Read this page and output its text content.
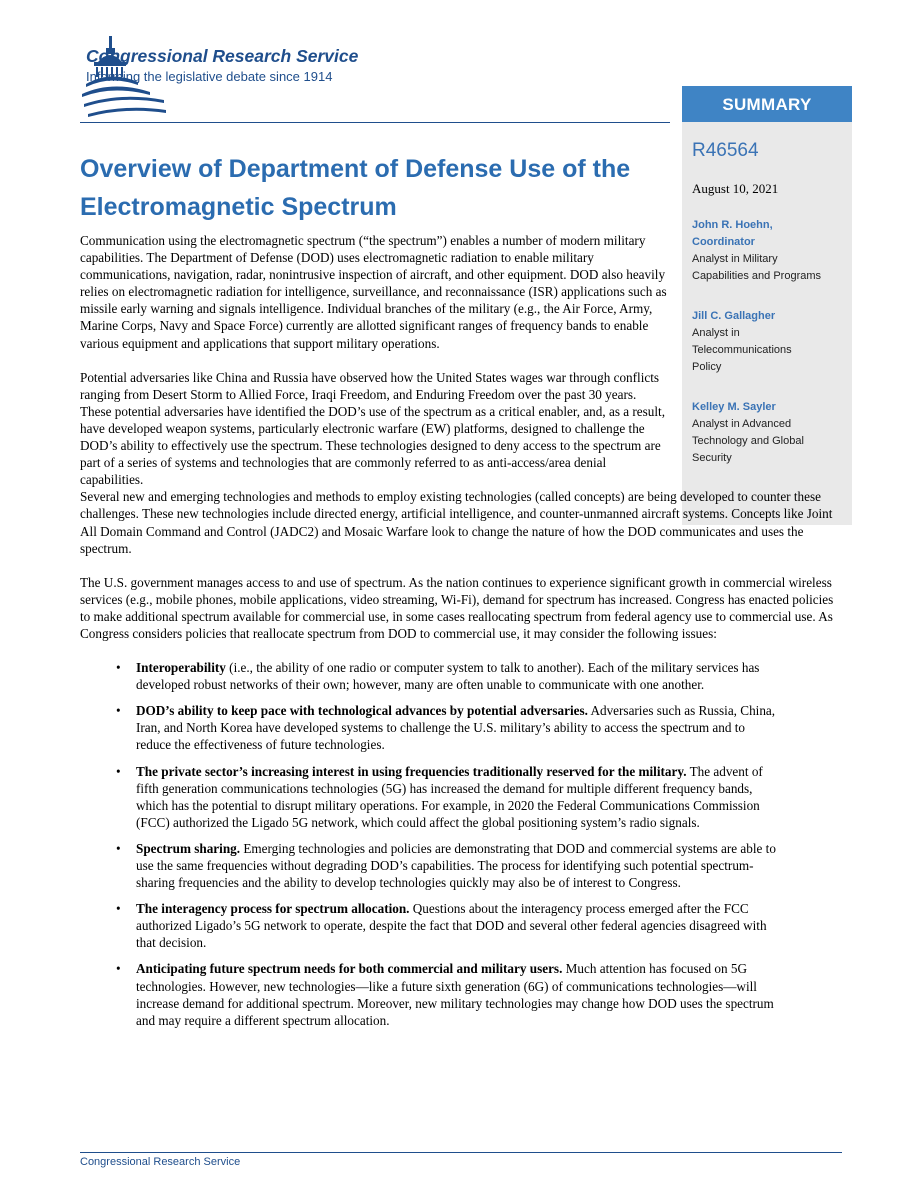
Congressional Research Service
Informing the legislative debate since 1914
SUMMARY
R46564
August 10, 2021
John R. Hoehn,
Coordinator
Analyst in Military
Capabilities and Programs
Jill C. Gallagher
Analyst in
Telecommunications
Policy
Kelley M. Sayler
Analyst in Advanced
Technology and Global
Security
Overview of Department of Defense Use of the
Electromagnetic Spectrum

Communication using the electromagnetic spectrum (“the spectrum”) enables a number of modern military capabilities. The Department of Defense (DOD) uses electromagnetic radiation to enable military communications, navigation, radar, nonintrusive inspection of aircraft, and other equipment. DOD also heavily relies on electromagnetic radiation for intelligence, surveillance, and reconnaissance (ISR) applications such as missile early warning and signals intelligence. Individual branches of the military (e.g., the Air Force, Army, Marine Corps, Navy and Space Force) currently are allotted significant ranges of frequency bands to enable various equipment and applications that support military operations.

Potential adversaries like China and Russia have observed how the United States wages war through conflicts ranging from Desert Storm to Allied Force, Iraqi Freedom, and Enduring Freedom over the past 30 years. These potential adversaries have identified the DOD’s use of the spectrum as a critical enabler, and, as a result, have developed weapon systems, particularly electronic warfare (EW) platforms, designed to challenge the DOD’s ability to effectively use the spectrum. These technologies designed to deny access to the spectrum are part of a series of systems and technologies that are commonly referred to as anti-access/area denial capabilities.
Several new and emerging technologies and methods to employ existing technologies (called concepts) are being developed to counter these challenges. These new technologies include directed energy, artificial intelligence, and counter-unmanned aircraft systems. Concepts like Joint All Domain Command and Control (JADC2) and Mosaic Warfare look to change the nature of how the DOD communicates and uses the spectrum.

The U.S. government manages access to and use of spectrum. As the nation continues to experience significant growth in commercial wireless services (e.g., mobile phones, mobile applications, video streaming, Wi-Fi), demand for spectrum has increased. Congress has enacted policies to make additional spectrum available for commercial use, in some cases reallocating spectrum from federal agency use to commercial use. As Congress considers policies that reallocate spectrum from DOD to commercial use, it may consider the following issues:

• Interoperability (i.e., the ability of one radio or computer system to talk to another). Each of the military services has developed robust networks of their own; however, many are often unable to communicate with one another.
• DOD’s ability to keep pace with technological advances by potential adversaries. Adversaries such as Russia, China, Iran, and North Korea have developed systems to challenge the U.S. military’s ability to access the spectrum and to reduce the effectiveness of future technologies.
• The private sector’s increasing interest in using frequencies traditionally reserved for the military. The advent of fifth generation communications technologies (5G) has increased the demand for multiple different frequency bands, which has the potential to disrupt military operations. For example, in 2020 the Federal Communications Commission (FCC) authorized the Ligado 5G network, which could affect the global positioning system’s radio signals.
• Spectrum sharing. Emerging technologies and policies are demonstrating that DOD and commercial systems are able to use the same frequencies without degrading DOD’s capabilities. The process for identifying such potential spectrum-sharing frequencies and the ability to develop technologies quickly may also be of interest to Congress.
• The interagency process for spectrum allocation. Questions about the interagency process emerged after the FCC authorized Ligado’s 5G network to operate, despite the fact that DOD and several other federal agencies disagreed with that decision.
• Anticipating future spectrum needs for both commercial and military users. Much attention has focused on 5G technologies. However, new technologies—like a future sixth generation (6G) of communications technologies—will increase demand for additional spectrum. Moreover, new military technologies may change how DOD uses the spectrum and may require a different spectrum allocation.
Congressional Research Service
